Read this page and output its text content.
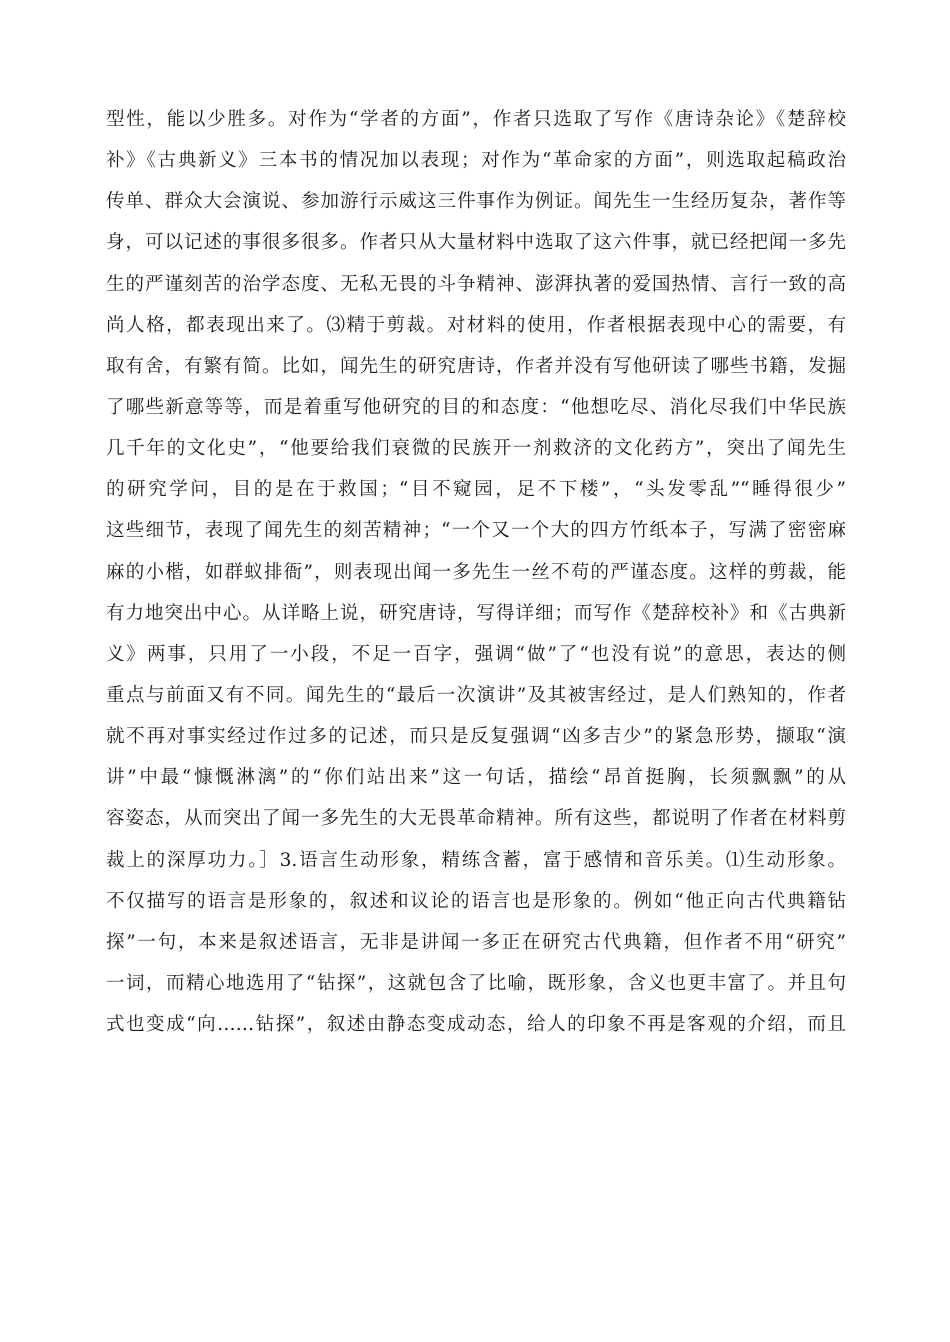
型性，能以少胜多。对作为“学者的方面”，作者只选取了写作《唐诗杂论》《楚辞校
补》《古典新义》三本书的情况加以表现；对作为“革命家的方面”，则选取起稿政治
传单、群众大会演说、参加游行示威这三件事作为例证。闻先生一生经历复杂，著作等
身，可以记述的事很多很多。作者只从大量材料中选取了这六件事，就已经把闻一多先
生的严谨刻苦的治学态度、无私无畏的斗争精神、澎湃执著的爱国热情、言行一致的高
尚人格，都表现出来了。⑶精于剪裁。对材料的使用，作者根据表现中心的需要，有
取有舍，有繁有简。比如，闻先生的研究唐诗，作者并没有写他研读了哪些书籍，发掘
了哪些新意等等，而是着重写他研究的目的和态度：“他想吃尽、消化尽我们中华民族
几千年的文化史”，“他要给我们衰微的民族开一剂救济的文化药方”，突出了闻先生
的研究学问，目的是在于救国；“目不窥园，足不下楼”，“头发零乱”“睡得很少”
这些细节，表现了闻先生的刻苦精神；“一个又一个大的四方竹纸本子，写满了密密麻
麻的小楷，如群蚁排衙”，则表现出闻一多先生一丝不苟的严谨态度。这样的剪裁，能
有力地突出中心。从详略上说，研究唐诗，写得详细；而写作《楚辞校补》和《古典新
义》两事，只用了一小段，不足一百字，强调“做”了“也没有说”的意思，表达的侧
重点与前面又有不同。闻先生的“最后一次演讲”及其被害经过，是人们熟知的，作者
就不再对事实经过作过多的记述，而只是反复强调“凶多吉少”的紧急形势，撷取“演
讲”中最“慷慨淋漓”的“你们站出来”这一句话，描绘“昂首挺胸，长须飘飘”的从
容姿态，从而突出了闻一多先生的大无畏革命精神。所有这些，都说明了作者在材料剪
裁上的深厚功力。］3.语言生动形象，精练含蓄，富于感情和音乐美。⑴生动形象。
不仅描写的语言是形象的，叙述和议论的语言也是形象的。例如“他正向古代典籍钻
探”一句，本来是叙述语言，无非是讲闻一多正在研究古代典籍，但作者不用“研究”
一词，而精心地选用了“钻探”，这就包含了比喻，既形象，含义也更丰富了。并且句
式也变成“向……钻探”，叙述由静态变成动态，给人的印象不再是客观的介绍，而且
